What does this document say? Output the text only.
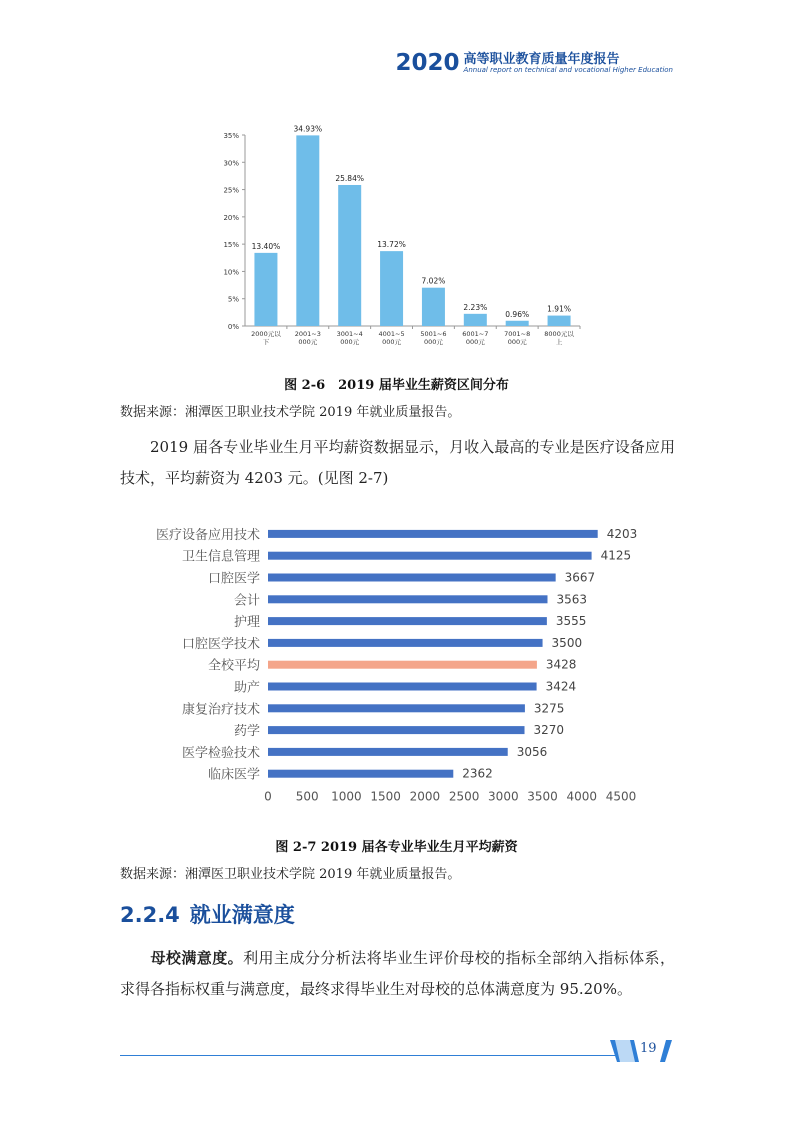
2020 高等职业教育质量年度报告
Annual report on technical and vocational Higher Education
0%
5%
10%
15%
20%
25%
30%
35%
13.40%
2000元以
下
34.93%
2001~3
000元
25.84%
3001~4
000元
13.72%
4001~5
000元
7.02%
5001~6
000元
2.23%
6001~7
000元
0.96%
7001~8
000元
1.91%
8000元以
上
图 2-6　2019 届毕业生薪资区间分布
数据来源：湘潭医卫职业技术学院 2019 年就业质量报告。
2019 届各专业毕业生月平均薪资数据显示，月收入最高的专业是医疗设备应用技术，平均薪资为 4203 元。(见图 2-7)
医疗设备应用技术	4203
卫生信息管理	4125
口腔医学	3667
会计	3563
护理	3555
口腔医学技术	3500
全校平均	3428
助产	3424
康复治疗技术	3275
药学	3270
医学检验技术	3056
临床医学	2362
0 500 1000 1500 2000 2500 3000 3500 4000 4500
图 2-7 2019 届各专业毕业生月平均薪资
数据来源：湘潭医卫职业技术学院 2019 年就业质量报告。
2.2.4 就业满意度
母校满意度。利用主成分分析法将毕业生评价母校的指标全部纳入指标体系，求得各指标权重与满意度，最终求得毕业生对母校的总体满意度为 95.20%。
19
